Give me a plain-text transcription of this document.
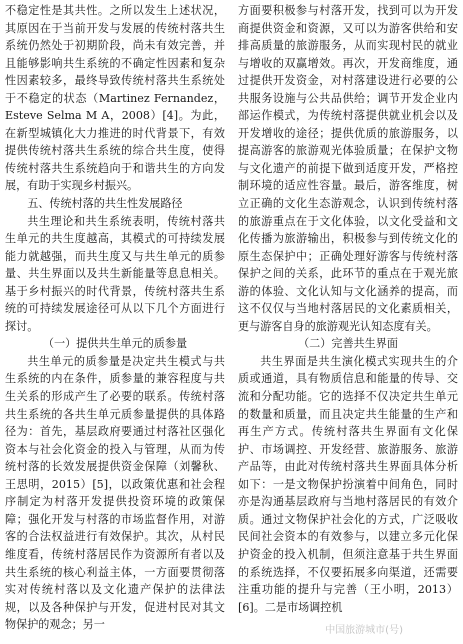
不稳定性是其共性。之所以发生上述状况，其原因在于当前开发与发展的传统村落共生系统仍然处于初期阶段，尚未有效完善，并且能够影响共生系统的不确定性因素和复杂性因素较多，最终导致传统村落共生系统处于不稳定的状态（Martinez Fernandez，Esteve Selma M A，2008）[4]。为此，在新型城镇化大力推进的时代背景下，有效提供传统村落共生系统的综合共生度，使得传统村落共生系统趋向于和谐共生的方向发展，有助于实现乡村振兴。

五、传统村落的共生性发展路径

共生理论和共生系统表明，传统村落共生单元的共生度越高，其模式的可持续发展能力就越强，而共生度又与共生单元的质参量、共生界面以及共生新能量等息息相关。基于乡村振兴的时代背景，传统村落共生系统的可持续发展途径可从以下几个方面进行探讨。

（一）提供共生单元的质参量

共生单元的质参量是决定共生模式与共生系统的内在条件，质参量的兼容程度与共生关系的形成产生了必要的联系。传统村落共生系统的各共生单元质参量提供的具体路径为：首先，基层政府要通过村落社区强化资本与社会化资金的投入与管理，从而为传统村落的长效发展提供资金保障（刘馨秋、王思明，2015）[5]，以政策优惠和社会程序制定为村落开发提供投资环境的政策保障；强化开发与村落的市场监督作用，对游客的合法权益进行有效保护。其次，从村民维度看，传统村落居民作为资源所有者以及共生系统的核心利益主体，一方面要贯彻落实对传统村落以及文化遗产保护的法律法规，以及各种保护与开发，促进村民对其文物保护的观念；另一

方面要积极参与村落开发，找到可以为开发商提供资金和资源，又可以为游客供给和安排高质量的旅游服务，从而实现村民的就业与增收的双赢增效。再次，开发商维度，通过提供开发资金，对村落建设进行必要的公共服务设施与公共品供给；调节开发企业内部运作模式，为传统村落提供就业机会以及开发增收的途径；提供优质的旅游服务，以提高游客的旅游观光体验质量；在保护文物与文化遗产的前提下做到适度开发，严格控制环境的适应性容量。最后，游客维度，树立正确的文化生态游观念，认识到传统村落的旅游重点在于文化体验，以文化受益和文化传播为旅游输出，积极参与到传统文化的原生态保护中；正确处理好游客与传统村落保护之间的关系，此环节的重点在于观光旅游的体验、文化认知与文化涵养的提高，而这不仅仅与当地村落居民的文化素质相关，更与游客自身的旅游观光认知态度有关。

（二）完善共生界面

共生界面是共生演化模式实现共生的介质或通道，具有物质信息和能量的传导、交流和分配功能。它的选择不仅决定共生单元的数量和质量，而且决定共生能量的生产和再生产方式。传统村落共生界面有文化保护、市场调控、开发经营、旅游服务、旅游产品等，由此对传统村落共生界面具体分析如下：一是文物保护扮演着中间角色，同时亦是沟通基层政府与当地村落居民的有效介质。通过文物保护社会化的方式，广泛吸收民间社会资本的有效参与，以建立多元化保护资金的投入机制，但须注意基于共生界面的系统选择，不仅要拓展多向渠道，还需要注重功能的提升与完善（王小明，2013）[6]。二是市场调控机

中国旅游城市(号)
